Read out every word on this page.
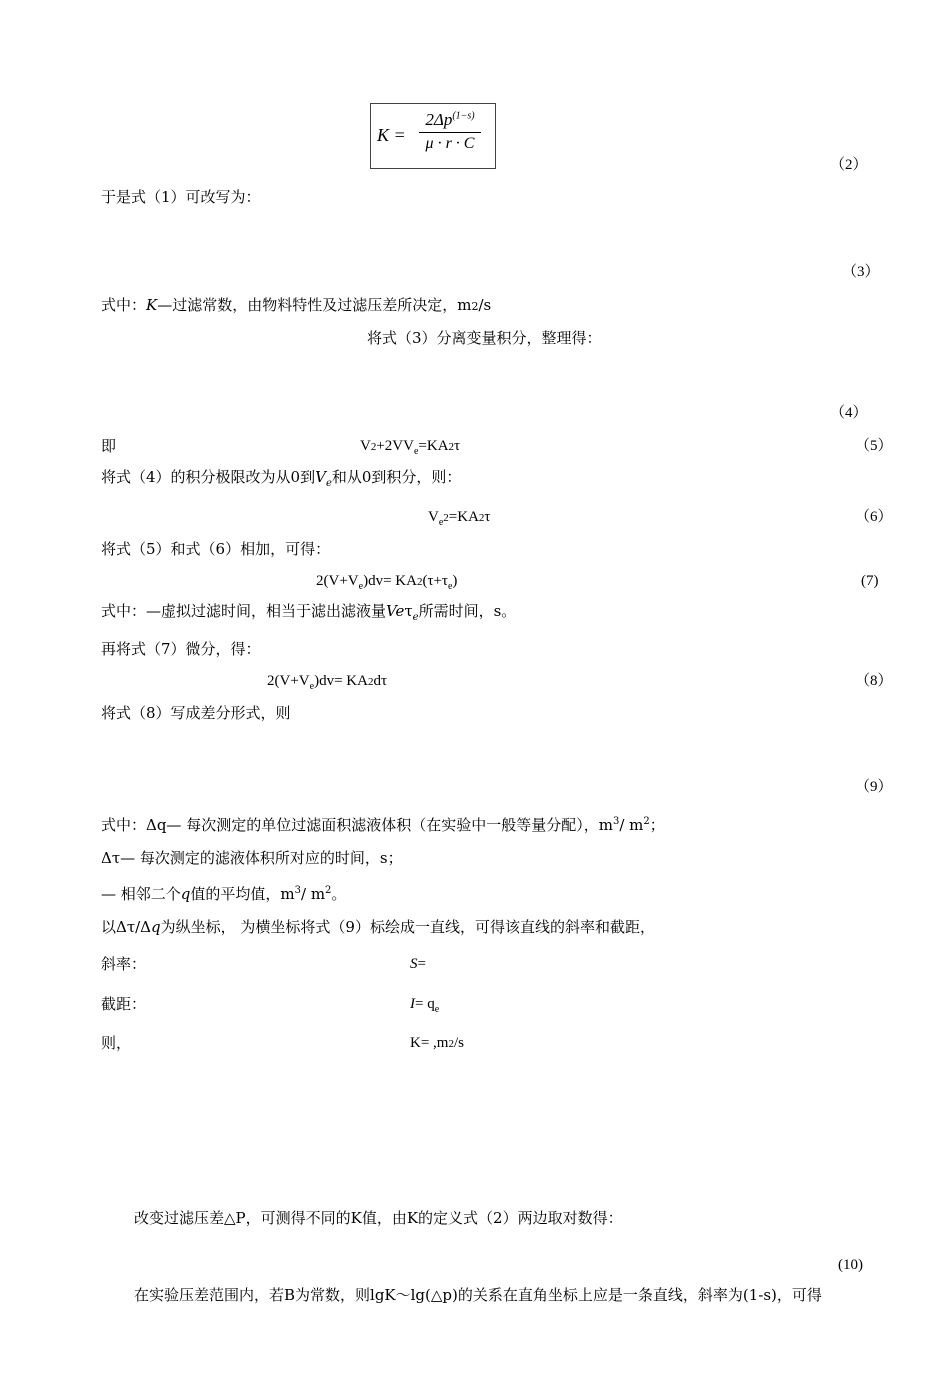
K =
$2\Delta p^{(1-s)}$
μ · r · C
（2）
于是式（1）可改写为：
（3）
式中：K—过滤常数，由物料特性及过滤压差所决定，m2/s
将式（3）分离变量积分，整理得：
（4）
即	$V2+2VV_e=KA2\tau$	（5）
将式（4）的积分极限改为从0到$V_e$和从0到积分，则：
$V_e2=KA2\tau$	（6）
将式（5）和式（6）相加，可得：
$2(V+V_e)dv= KA2(\tau+\tau_e)$	(7)
式中：—虚拟过滤时间，相当于滤出滤液量Veτ$_e$所需时间，s。
再将式（7）微分，得：
$2(V+V_e)dv= KA2d\tau$	（8）
将式（8）写成差分形式，则
（9）
式中：Δq— 每次测定的单位过滤面积滤液体积（在实验中一般等量分配），$m^3/$ $m^2$；
Δτ— 每次测定的滤液体积所对应的时间，s；
— 相邻二个q值的平均值，$m^3/$ $m^2$。
以Δτ/Δq为纵坐标， 为横坐标将式（9）标绘成一直线，可得该直线的斜率和截距，
斜率：	S=
截距：	$I= q_e$
则，	K= ,m2/s
改变过滤压差△P，可测得不同的K值，由K的定义式（2）两边取对数得：
(10)
在实验压差范围内，若B为常数，则lgK～lg(△p)的关系在直角坐标上应是一条直线，斜率为(1-s)，可得
